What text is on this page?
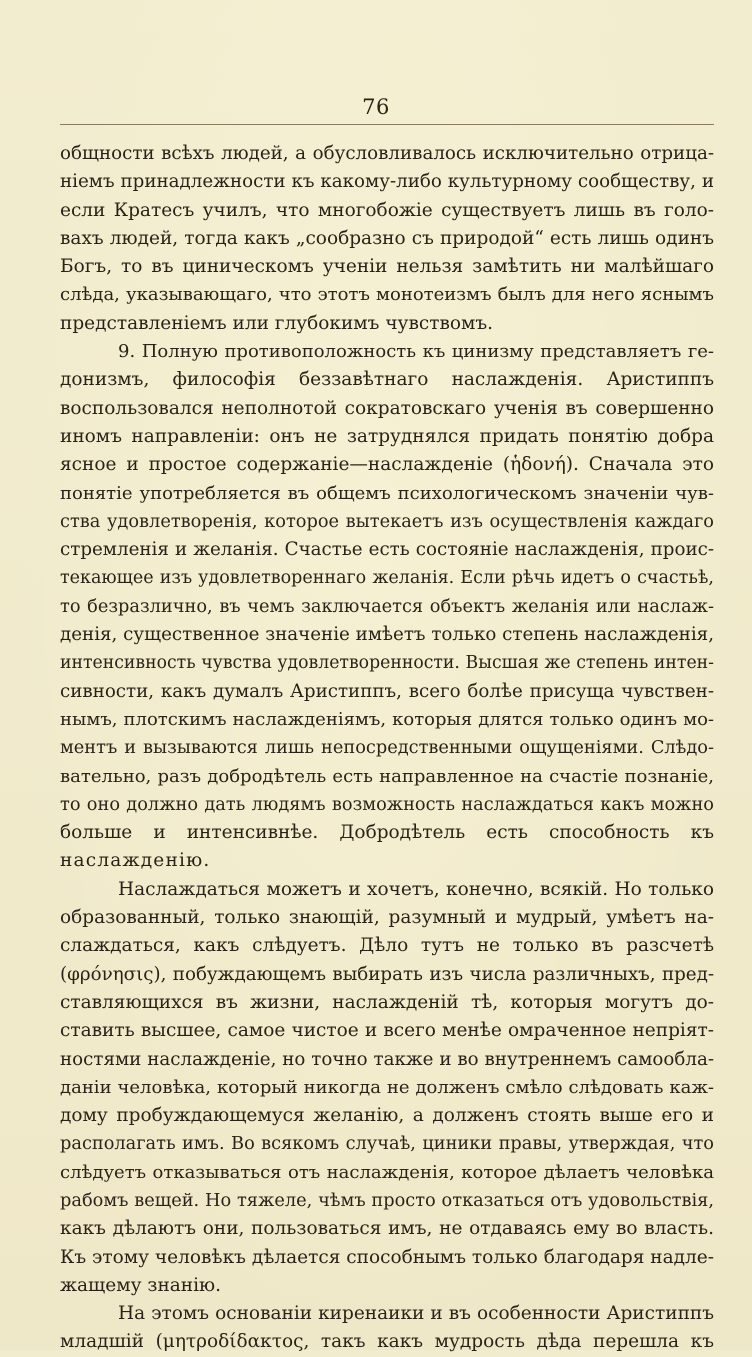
76
общности всѣхъ людей, а обусловливалось исключительно отрица-
ніемъ принадлежности къ какому-либо культурному сообществу, и
если Кратесъ училъ, что многобожіе существуетъ лишь въ голо-
вахъ людей, тогда какъ „сообразно съ природой“ есть лишь одинъ
Богъ, то въ циническомъ ученіи нельзя замѣтить ни малѣйшаго
слѣда, указывающаго, что этотъ монотеизмъ былъ для него яснымъ
представленіемъ или глубокимъ чувствомъ.
9. Полную противоположность къ цинизму представляетъ ге-
донизмъ, философія беззавѣтнаго наслажденія. Аристиппъ
воспользовался неполнотой сократовскаго ученія въ совершенно
иномъ направленіи: онъ не затруднялся придать понятію добра
ясное и простое содержаніе—наслажденіе (ἡδονή). Сначала это
понятіе употребляется въ общемъ психологическомъ значеніи чув-
ства удовлетворенія, которое вытекаетъ изъ осуществленія каждаго
стремленія и желанія. Счастье есть состояніе наслажденія, проис-
текающее изъ удовлетвореннаго желанія. Если рѣчь идетъ о счастьѣ,
то безразлично, въ чемъ заключается объектъ желанія или наслаж-
денія, существенное значеніе имѣетъ только степень наслажденія,
интенсивность чувства удовлетворенности. Высшая же степень интен-
сивности, какъ думалъ Аристиппъ, всего болѣе присуща чувствен-
нымъ, плотскимъ наслажденіямъ, которыя длятся только одинъ мо-
ментъ и вызываются лишь непосредственными ощущеніями. Слѣдо-
вательно, разъ добродѣтель есть направленное на счастіе познаніе,
то оно должно дать людямъ возможность наслаждаться какъ можно
больше и интенсивнѣе. Добродѣтель есть способность къ
наслажденію.
Наслаждаться можетъ и хочетъ, конечно, всякій. Но только
образованный, только знающій, разумный и мудрый, умѣетъ на-
слаждаться, какъ слѣдуетъ. Дѣло тутъ не только въ разсчетѣ
(φρόνησις), побуждающемъ выбирать изъ числа различныхъ, пред-
ставляющихся въ жизни, наслажденій тѣ, которыя могутъ до-
ставить высшее, самое чистое и всего менѣе омраченное непріят-
ностями наслажденіе, но точно также и во внутреннемъ самооблa-
даніи человѣка, который никогда не долженъ смѣло слѣдовать каж-
дому пробуждающемуся желанію, а долженъ стоять выше его и
располагать имъ. Во всякомъ случаѣ, циники правы, утверждая, что
слѣдуетъ отказываться отъ наслажденія, которое дѣлаетъ человѣка
рабомъ вещей. Но тяжеле, чѣмъ просто отказаться отъ удовольствія,
какъ дѣлаютъ они, пользоваться имъ, не отдаваясь ему во власть.
Къ этому человѣкъ дѣлается способнымъ только благодаря надле-
жащему знанію.
На этомъ основаніи киренаики и въ особенности Аристиппъ
младшій (μητροδίδακτος, такъ какъ мудрость дѣда перешла къ
